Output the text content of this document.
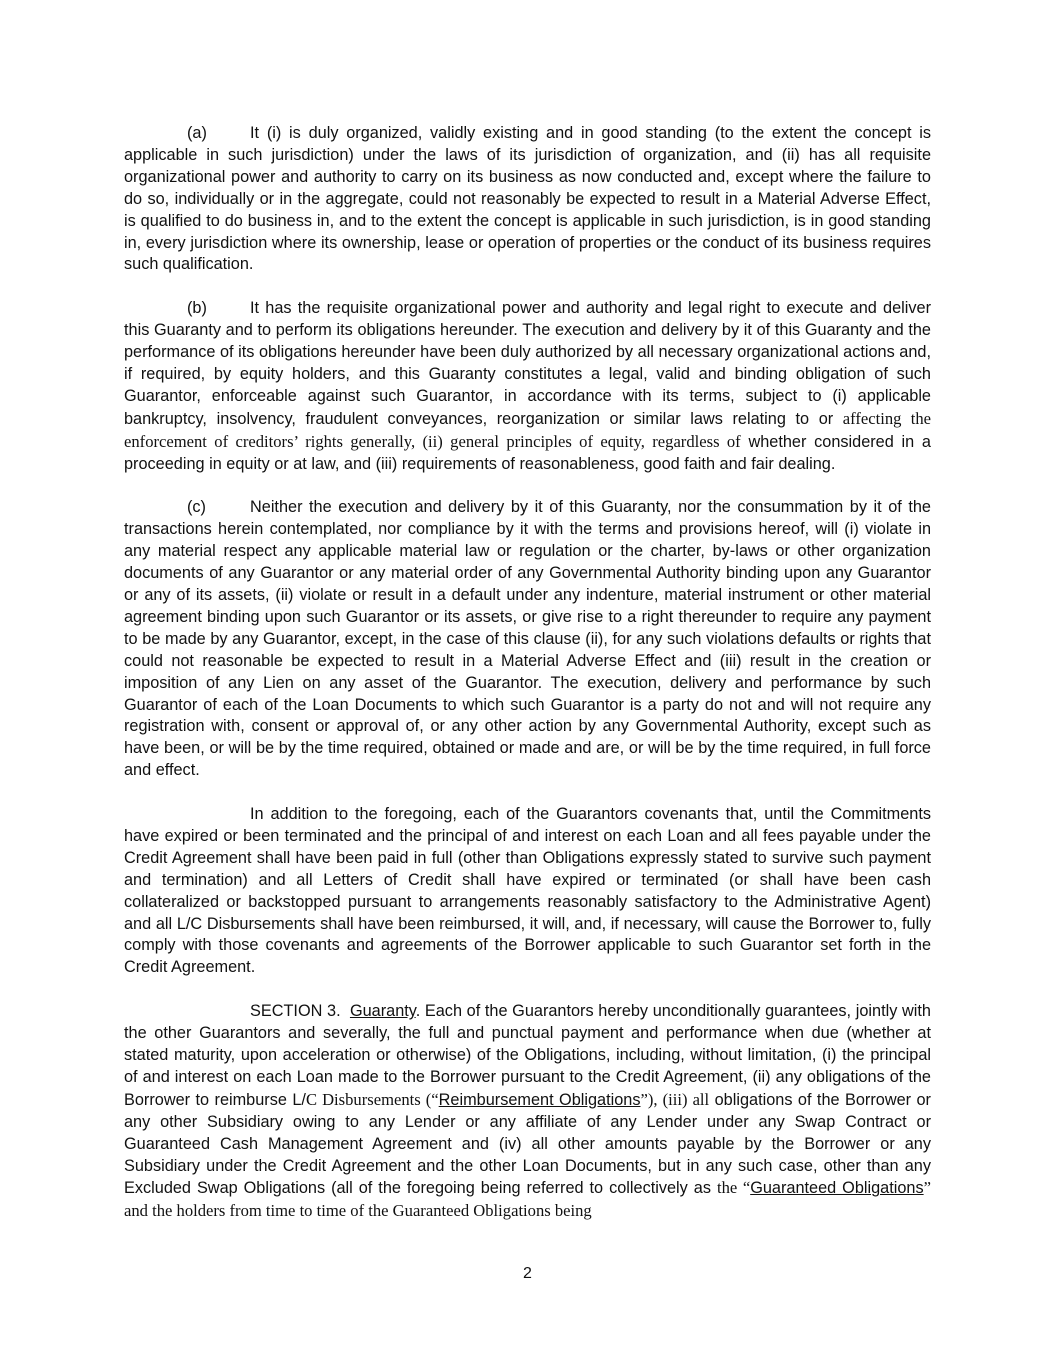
(a)	It (i) is duly organized, validly existing and in good standing (to the extent the concept is applicable in such jurisdiction) under the laws of its jurisdiction of organization, and (ii) has all requisite organizational power and authority to carry on its business as now conducted and, except where the failure to do so, individually or in the aggregate, could not reasonably be expected to result in a Material Adverse Effect, is qualified to do business in, and to the extent the concept is applicable in such jurisdiction, is in good standing in, every jurisdiction where its ownership, lease or operation of properties or the conduct of its business requires such qualification.

(b)	It has the requisite organizational power and authority and legal right to execute and deliver this Guaranty and to perform its obligations hereunder. The execution and delivery by it of this Guaranty and the performance of its obligations hereunder have been duly authorized by all necessary organizational actions and, if required, by equity holders, and this Guaranty constitutes a legal, valid and binding obligation of such Guarantor, enforceable against such Guarantor, in accordance with its terms, subject to (i) applicable bankruptcy, insolvency, fraudulent conveyances, reorganization or similar laws relating to or affecting the enforcement of creditors’ rights generally, (ii) general principles of equity, regardless of whether considered in a proceeding in equity or at law, and (iii) requirements of reasonableness, good faith and fair dealing.

(c)	Neither the execution and delivery by it of this Guaranty, nor the consummation by it of the transactions herein contemplated, nor compliance by it with the terms and provisions hereof, will (i) violate in any material respect any applicable material law or regulation or the charter, by-laws or other organization documents of any Guarantor or any material order of any Governmental Authority binding upon any Guarantor or any of its assets, (ii) violate or result in a default under any indenture, material instrument or other material agreement binding upon such Guarantor or its assets, or give rise to a right thereunder to require any payment to be made by any Guarantor, except, in the case of this clause (ii), for any such violations defaults or rights that could not reasonable be expected to result in a Material Adverse Effect and (iii) result in the creation or imposition of any Lien on any asset of the Guarantor. The execution, delivery and performance by such Guarantor of each of the Loan Documents to which such Guarantor is a party do not and will not require any registration with, consent or approval of, or any other action by any Governmental Authority, except such as have been, or will be by the time required, obtained or made and are, or will be by the time required, in full force and effect.

In addition to the foregoing, each of the Guarantors covenants that, until the Commitments have expired or been terminated and the principal of and interest on each Loan and all fees payable under the Credit Agreement shall have been paid in full (other than Obligations expressly stated to survive such payment and termination) and all Letters of Credit shall have expired or terminated (or shall have been cash collateralized or backstopped pursuant to arrangements reasonably satisfactory to the Administrative Agent) and all L/C Disbursements shall have been reimbursed, it will, and, if necessary, will cause the Borrower to, fully comply with those covenants and agreements of the Borrower applicable to such Guarantor set forth in the Credit Agreement.

SECTION 3. Guaranty. Each of the Guarantors hereby unconditionally guarantees, jointly with the other Guarantors and severally, the full and punctual payment and performance when due (whether at stated maturity, upon acceleration or otherwise) of the Obligations, including, without limitation, (i) the principal of and interest on each Loan made to the Borrower pursuant to the Credit Agreement, (ii) any obligations of the Borrower to reimburse L/C Disbursements (“Reimbursement Obligations”), (iii) all obligations of the Borrower or any other Subsidiary owing to any Lender or any affiliate of any Lender under any Swap Contract or Guaranteed Cash Management Agreement and (iv) all other amounts payable by the Borrower or any Subsidiary under the Credit Agreement and the other Loan Documents, but in any such case, other than any Excluded Swap Obligations (all of the foregoing being referred to collectively as the “Guaranteed Obligations” and the holders from time to time of the Guaranteed Obligations being

2
